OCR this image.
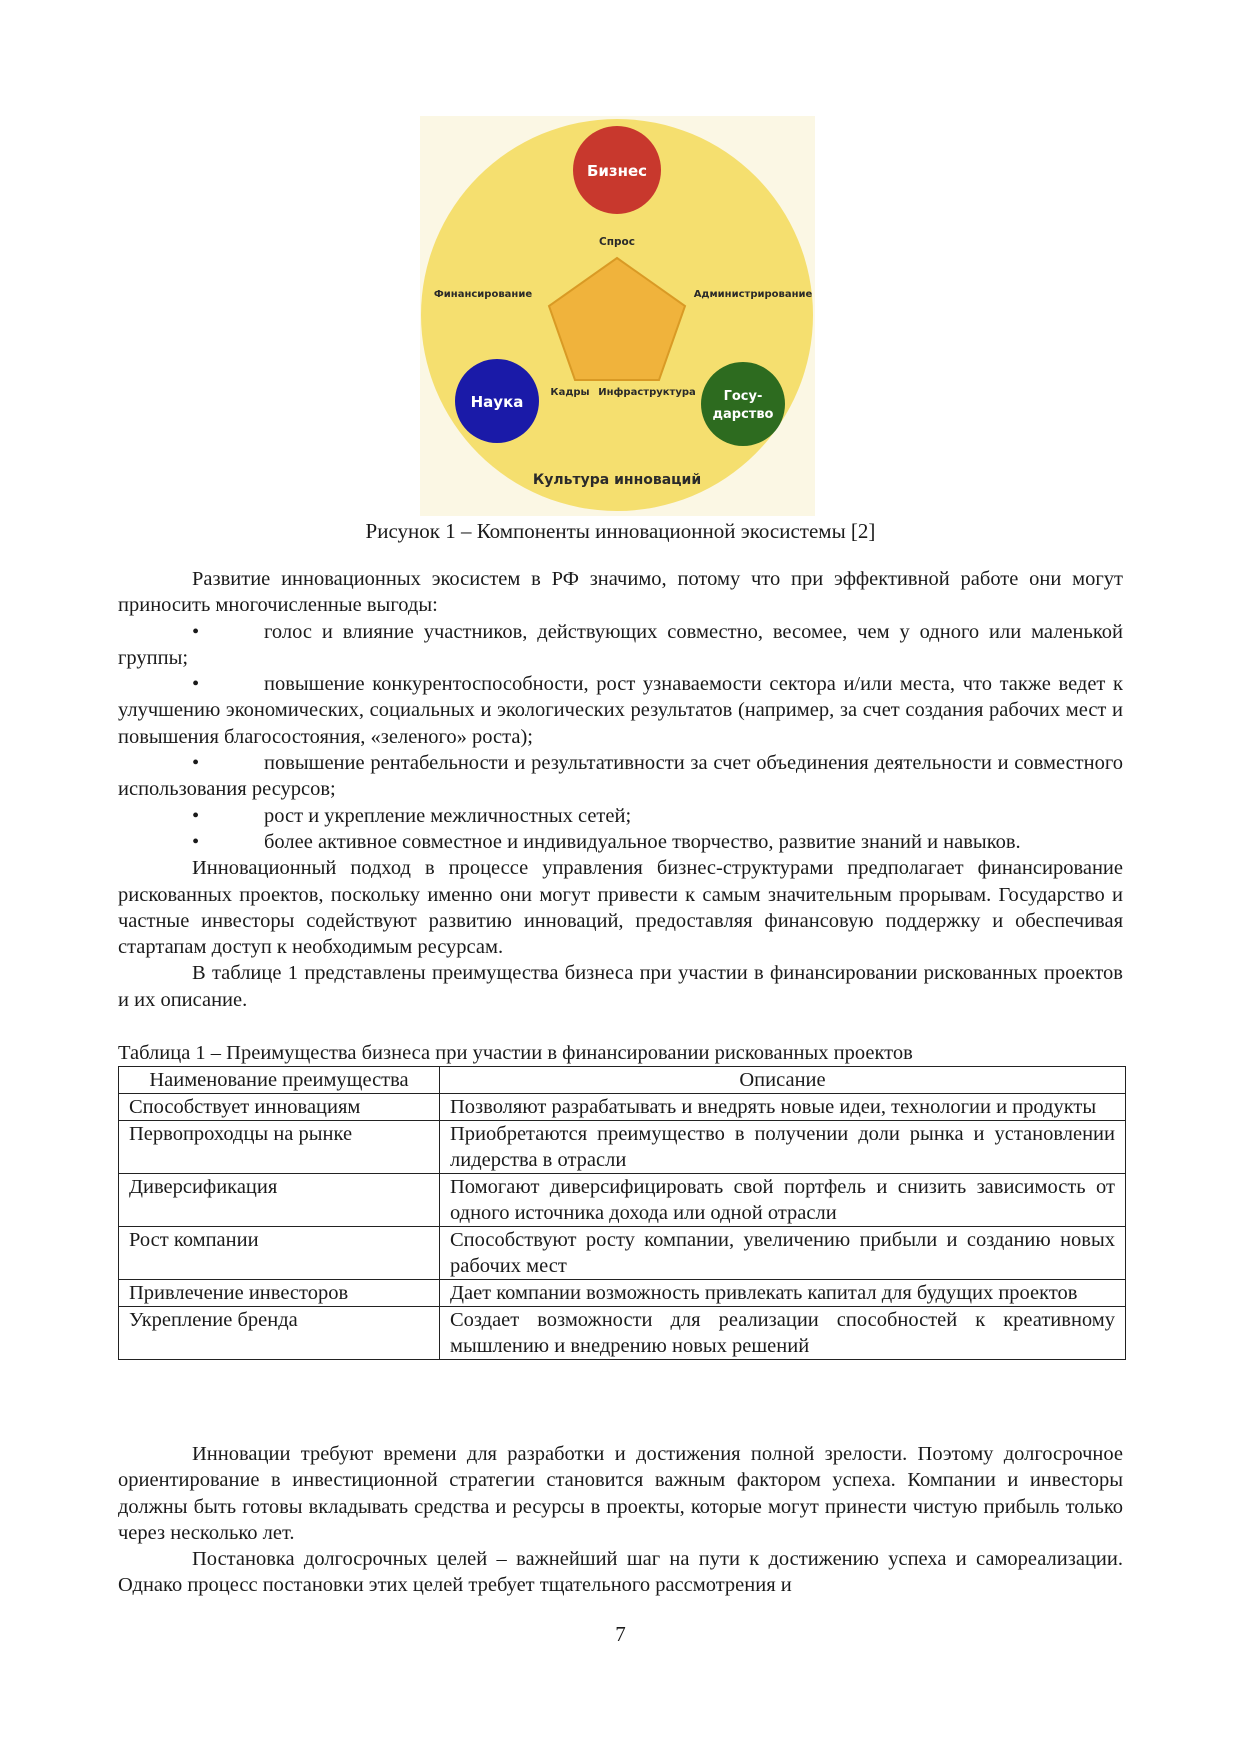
Бизнес
Наука	Госу-
дарство
Спрос
Финансирование	Администрирование
Кадры Инфраструктура
Культура инноваций
Рисунок 1 – Компоненты инновационной экосистемы [2]

Развитие инновационных экосистем в РФ значимо, потому что при эффективной работе они могут приносить многочисленные выгоды:

•	голос и влияние участников, действующих совместно, весомее, чем у одного или маленькой группы;

•	повышение конкурентоспособности, рост узнаваемости сектора и/или места, что также ведет к улучшению экономических, социальных и экологических результатов (например, за счет создания рабочих мест и повышения благосостояния, «зеленого» роста);

•	повышение рентабельности и результативности за счет объединения деятельности и совместного использования ресурсов;

•	рост и укрепление межличностных сетей;

•	более активное совместное и индивидуальное творчество, развитие знаний и навыков.

Инновационный подход в процессе управления бизнес-структурами предполагает финансирование рискованных проектов, поскольку именно они могут привести к самым значительным прорывам. Государство и частные инвесторы содействуют развитию инноваций, предоставляя финансовую поддержку и обеспечивая стартапам доступ к необходимым ресурсам.

В таблице 1 представлены преимущества бизнеса при участии в финансировании рискованных проектов и их описание.

Таблица 1 – Преимущества бизнеса при участии в финансировании рискованных проектов
Наименование преимущества	Описание
Способствует инновациям	Позволяют разрабатывать и внедрять новые идеи, технологии и продукты
Первопроходцы на рынке	Приобретаются преимущество в получении доли рынка и установлении лидерства в отрасли
Диверсификация	Помогают диверсифицировать свой портфель и снизить зависимость от одного источника дохода или одной отрасли
Рост компании	Способствуют росту компании, увеличению прибыли и созданию новых рабочих мест
Привлечение инвесторов	Дает компании возможность привлекать капитал для будущих проектов
Укрепление бренда	Создает возможности для реализации способностей к креативному мышлению и внедрению новых решений

Инновации требуют времени для разработки и достижения полной зрелости. Поэтому долгосрочное ориентирование в инвестиционной стратегии становится важным фактором успеха. Компании и инвесторы должны быть готовы вкладывать средства и ресурсы в проекты, которые могут принести чистую прибыль только через несколько лет.

Постановка долгосрочных целей – важнейший шаг на пути к достижению успеха и самореализации. Однако процесс постановки этих целей требует тщательного рассмотрения и

7
